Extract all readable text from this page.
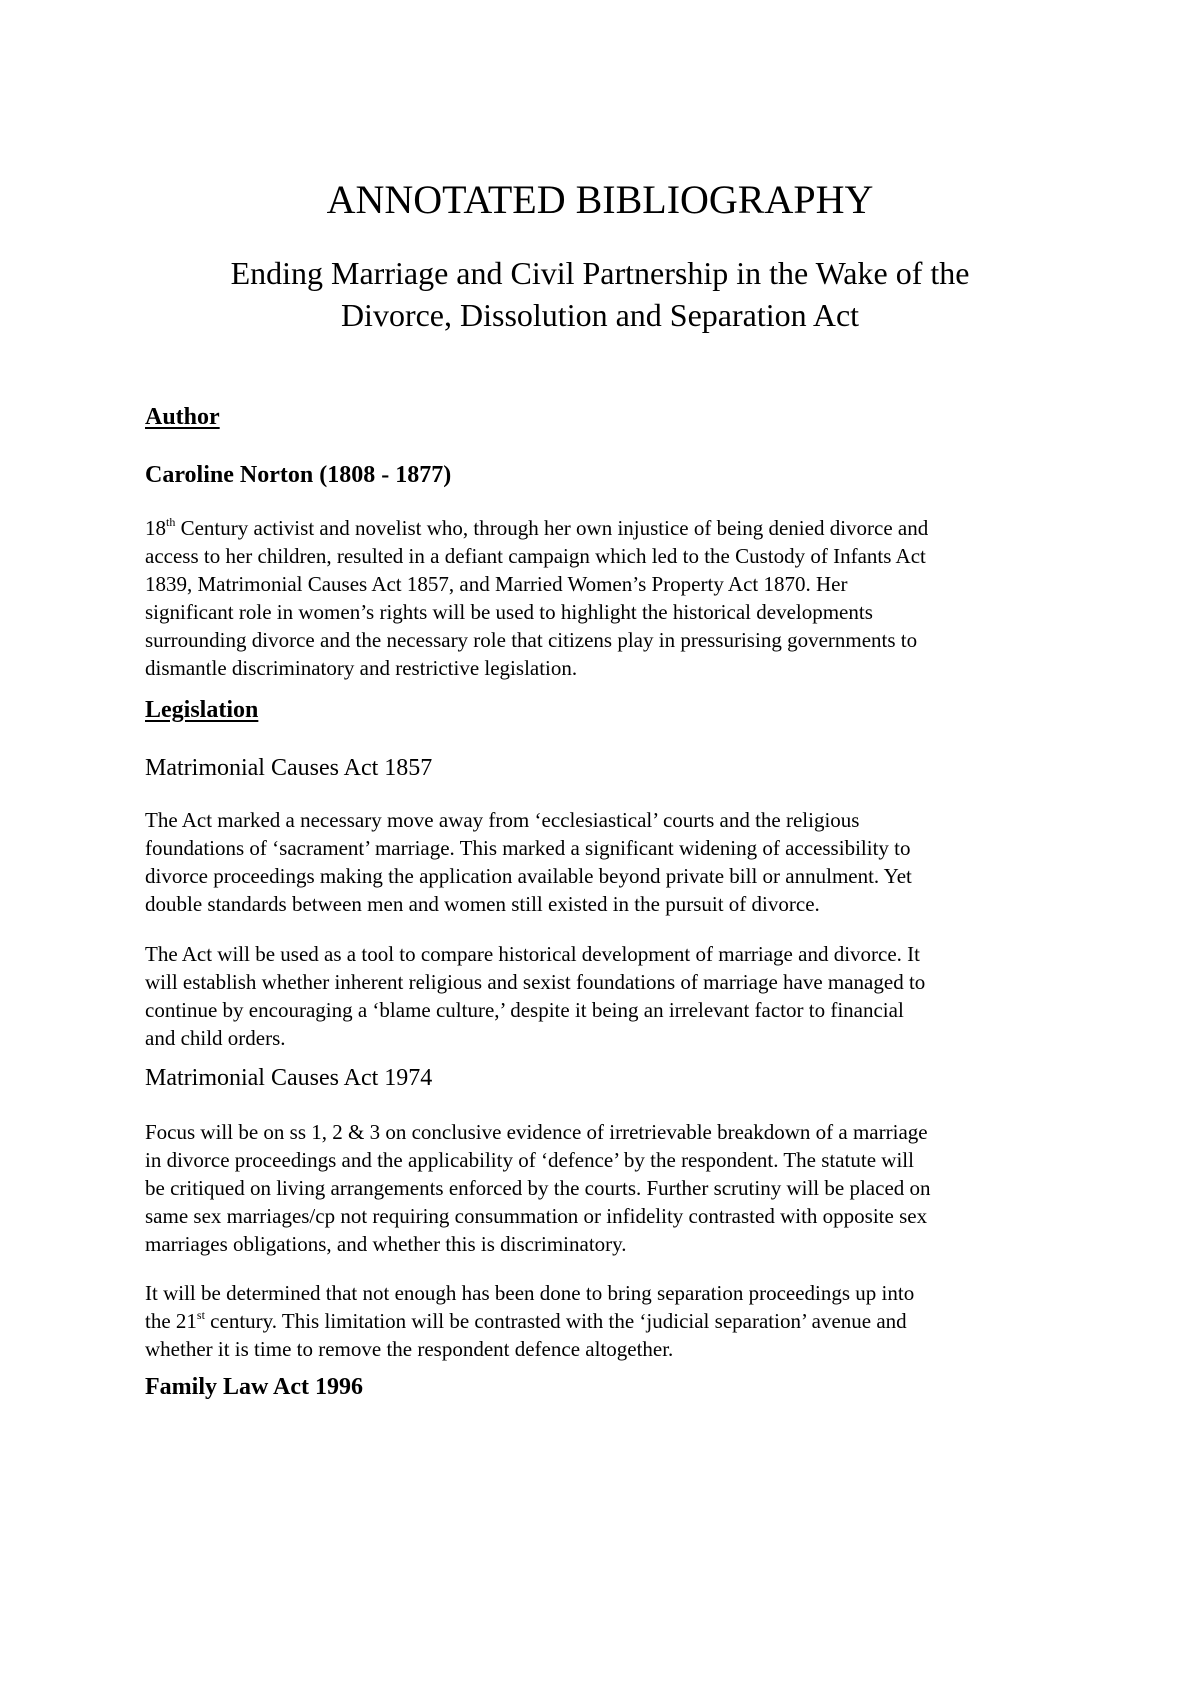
ANNOTATED BIBLIOGRAPHY
Ending Marriage and Civil Partnership in the Wake of the
Divorce, Dissolution and Separation Act
Author
Caroline Norton (1808 - 1877)
18th Century activist and novelist who, through her own injustice of being denied divorce and
access to her children, resulted in a defiant campaign which led to the Custody of Infants Act
1839, Matrimonial Causes Act 1857, and Married Women’s Property Act 1870. Her
significant role in women’s rights will be used to highlight the historical developments
surrounding divorce and the necessary role that citizens play in pressurising governments to
dismantle discriminatory and restrictive legislation.
Legislation
Matrimonial Causes Act 1857
The Act marked a necessary move away from ‘ecclesiastical’ courts and the religious
foundations of ‘sacrament’ marriage. This marked a significant widening of accessibility to
divorce proceedings making the application available beyond private bill or annulment. Yet
double standards between men and women still existed in the pursuit of divorce.
The Act will be used as a tool to compare historical development of marriage and divorce. It
will establish whether inherent religious and sexist foundations of marriage have managed to
continue by encouraging a ‘blame culture,’ despite it being an irrelevant factor to financial
and child orders.
Matrimonial Causes Act 1974
Focus will be on ss 1, 2 & 3 on conclusive evidence of irretrievable breakdown of a marriage
in divorce proceedings and the applicability of ‘defence’ by the respondent. The statute will
be critiqued on living arrangements enforced by the courts. Further scrutiny will be placed on
same sex marriages/cp not requiring consummation or infidelity contrasted with opposite sex
marriages obligations, and whether this is discriminatory.
It will be determined that not enough has been done to bring separation proceedings up into
the 21st century. This limitation will be contrasted with the ‘judicial separation’ avenue and
whether it is time to remove the respondent defence altogether.
Family Law Act 1996
